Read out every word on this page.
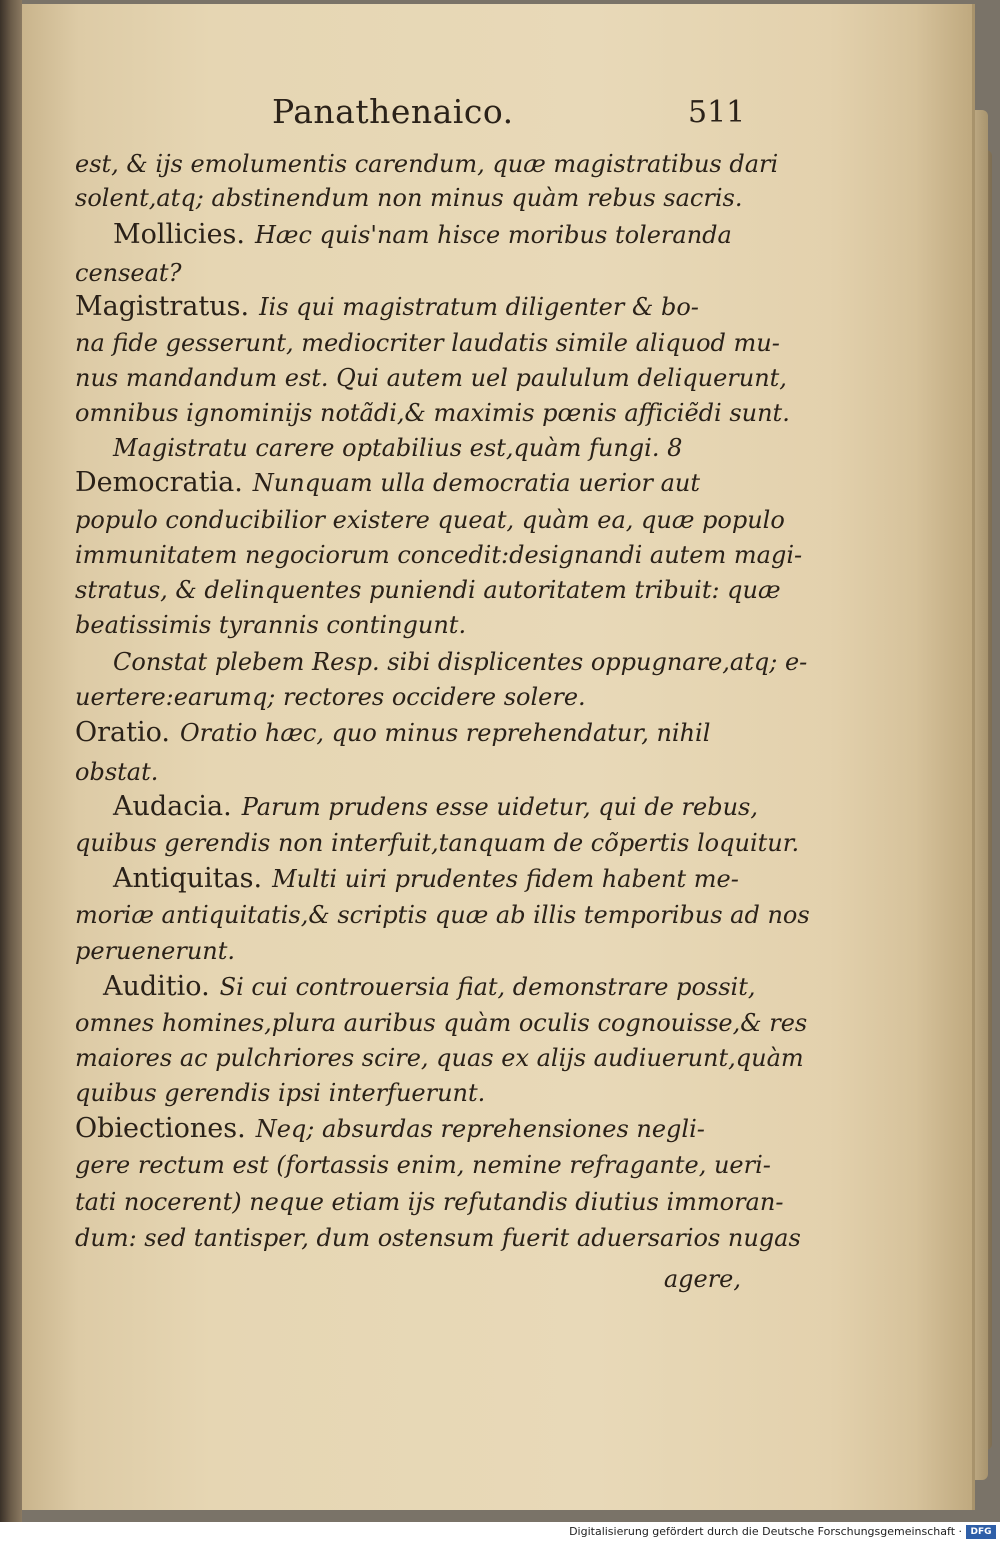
Panathenaico.	511
est, & ijs emolumentis carendum, quæ magistratibus dari
solent,atq; abstinendum non minus quàm rebus sacris.
Mollicies. Hæc quis'nam hisce moribus toleranda
censeat?
Magistratus. Iis qui magistratum diligenter & bo-
na fide gesserunt, mediocriter laudatis simile aliquod mu-
nus mandandum est. Qui autem uel paululum deliquerunt,
omnibus ignominijs notãdi,& maximis pœnis afficiẽdi sunt.
Magistratu carere optabilius est,quàm fungi. 8
Democratia. Nunquam ulla democratia uerior aut
populo conducibilior existere queat, quàm ea, quæ populo
immunitatem negociorum concedit:designandi autem magi-
stratus, & delinquentes puniendi autoritatem tribuit: quæ
beatissimis tyrannis contingunt.
Constat plebem Resp. sibi displicentes oppugnare,atq; e-
uertere:earumq; rectores occidere solere.
Oratio. Oratio hæc, quo minus reprehendatur, nihil
obstat.
Audacia. Parum prudens esse uidetur, qui de rebus,
quibus gerendis non interfuit,tanquam de cõpertis loquitur.
Antiquitas. Multi uiri prudentes fidem habent me-
moriæ antiquitatis,& scriptis quæ ab illis temporibus ad nos
peruenerunt.
Auditio. Si cui controuersia fiat, demonstrare possit,
omnes homines,plura auribus quàm oculis cognouisse,& res
maiores ac pulchriores scire, quas ex alijs audiuerunt,quàm
quibus gerendis ipsi interfuerunt.
Obiectiones. Neq; absurdas reprehensiones negli-
gere rectum est (fortassis enim, nemine refragante, ueri-
tati nocerent) neque etiam ijs refutandis diutius immoran-
dum: sed tantisper, dum ostensum fuerit aduersarios nugas
agere,
Digitalisierung gefördert durch die Deutsche Forschungsgemeinschaft · DFG
